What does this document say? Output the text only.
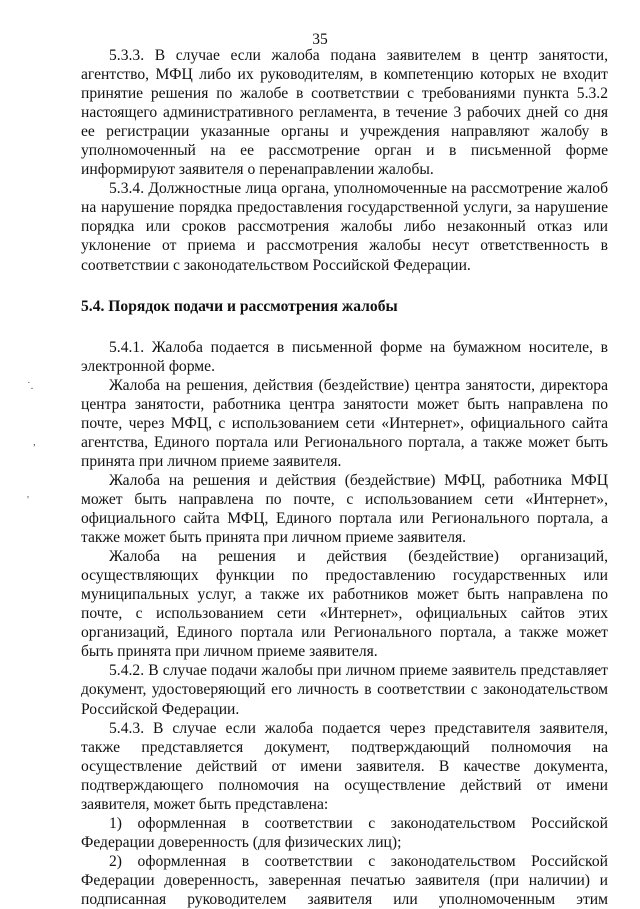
35

5.3.3. В случае если жалоба подана заявителем в центр занятости, агентство, МФЦ либо их руководителям, в компетенцию которых не входит принятие решения по жалобе в соответствии с требованиями пункта 5.3.2 настоящего административного регламента, в течение 3 рабочих дней со дня ее регистрации указанные органы и учреждения направляют жалобу в уполномоченный на ее рассмотрение орган и в письменной форме информируют заявителя о перенаправлении жалобы.

5.3.4. Должностные лица органа, уполномоченные на рассмотрение жалоб на нарушение порядка предоставления государственной услуги, за нарушение порядка или сроков рассмотрения жалобы либо незаконный отказ или уклонение от приема и рассмотрения жалобы несут ответственность в соответствии с законодательством Российской Федерации.

5.4. Порядок подачи и рассмотрения жалобы

5.4.1. Жалоба подается в письменной форме на бумажном носителе, в электронной форме.

Жалоба на решения, действия (бездействие) центра занятости, директора центра занятости, работника центра занятости может быть направлена по почте, через МФЦ, с использованием сети «Интернет», официального сайта агентства, Единого портала или Регионального портала, а также может быть принята при личном приеме заявителя.

Жалоба на решения и действия (бездействие) МФЦ, работника МФЦ может быть направлена по почте, с использованием сети «Интернет», официального сайта МФЦ, Единого портала или Регионального портала, а также может быть принята при личном приеме заявителя.

Жалоба на решения и действия (бездействие) организаций, осуществляющих функции по предоставлению государственных или муниципальных услуг, а также их работников может быть направлена по почте, с использованием сети «Интернет», официальных сайтов этих организаций, Единого портала или Регионального портала, а также может быть принята при личном приеме заявителя.

5.4.2. В случае подачи жалобы при личном приеме заявитель представляет документ, удостоверяющий его личность в соответствии с законодательством Российской Федерации.

5.4.3. В случае если жалоба подается через представителя заявителя, также представляется документ, подтверждающий полномочия на осуществление действий от имени заявителя. В качестве документа, подтверждающего полномочия на осуществление действий от имени заявителя, может быть представлена:

1) оформленная в соответствии с законодательством Российской Федерации доверенность (для физических лиц);

2) оформленная в соответствии с законодательством Российской Федерации доверенность, заверенная печатью заявителя (при наличии) и подписанная руководителем заявителя или уполномоченным этим

˙.
,
'
